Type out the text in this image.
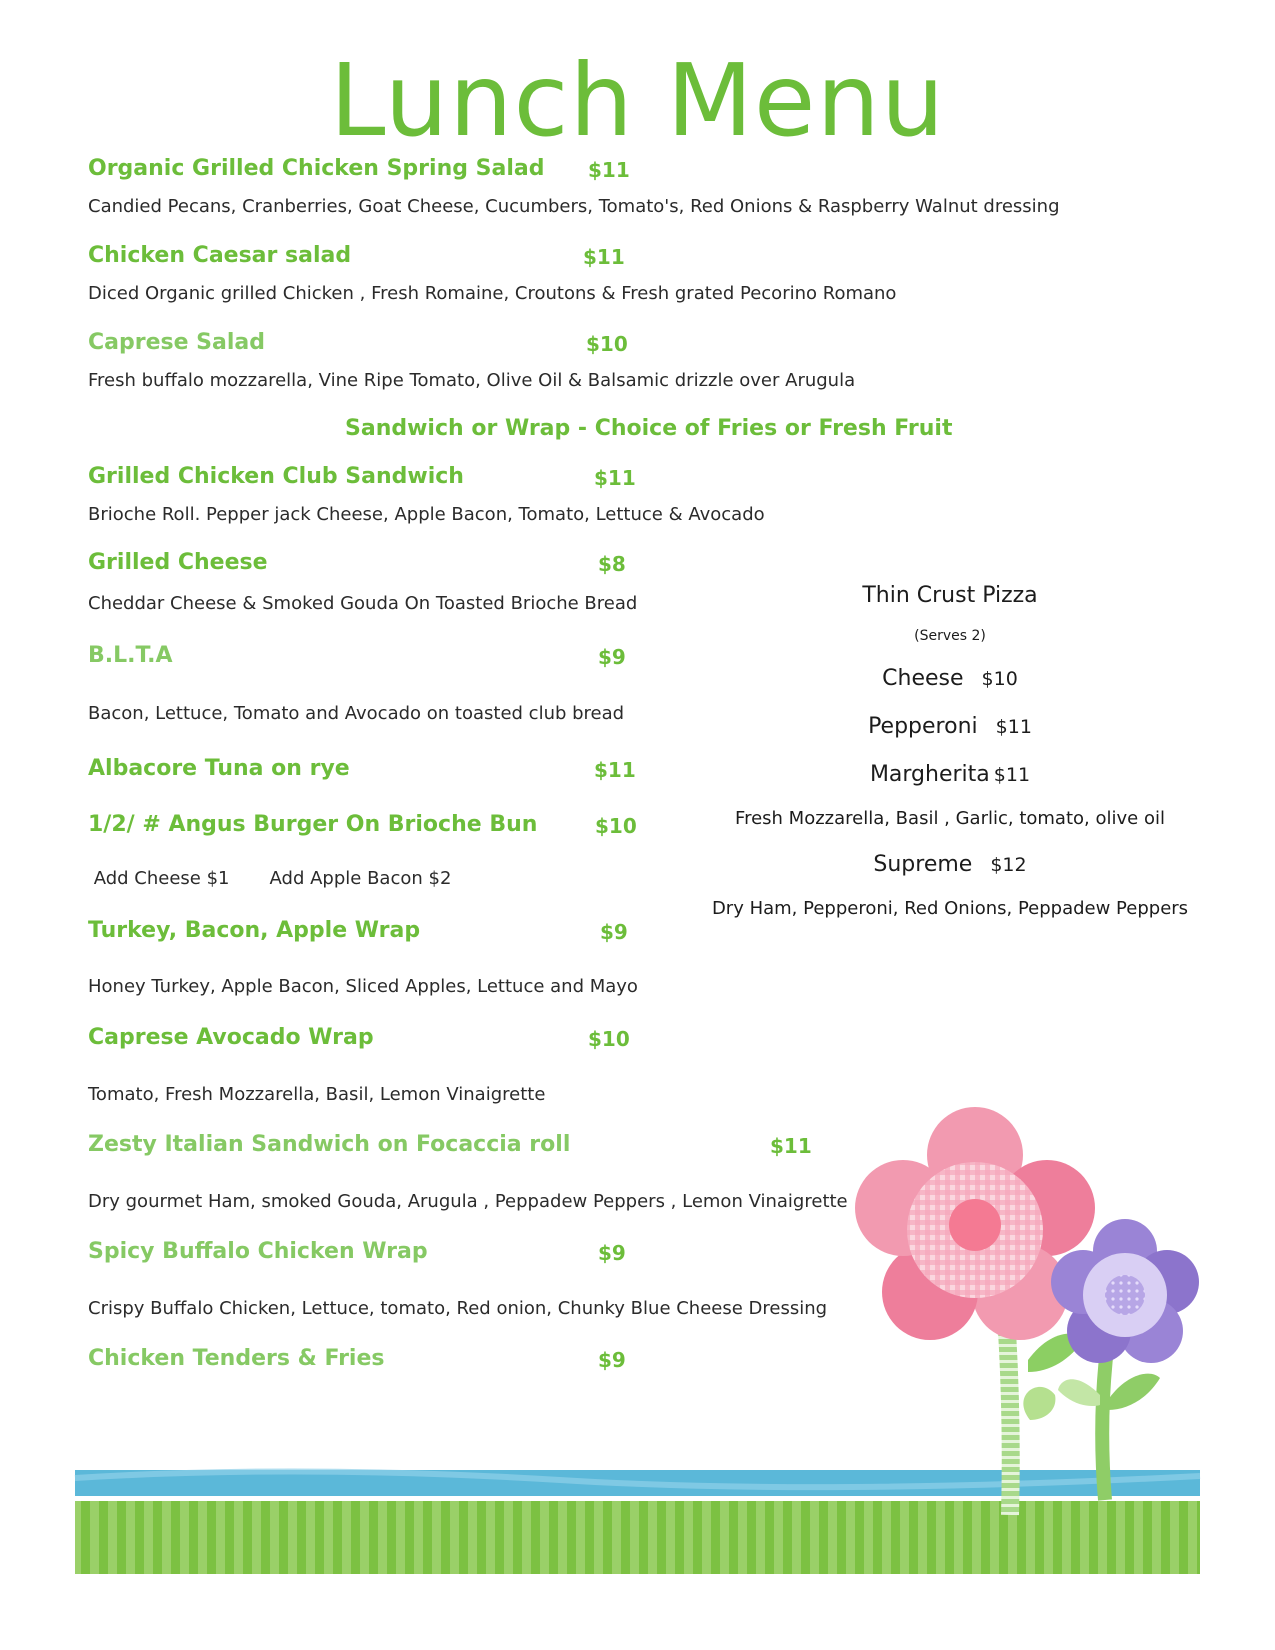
Lunch Menu
Organic Grilled Chicken Spring Salad $11
Candied Pecans, Cranberries, Goat Cheese, Cucumbers, Tomato's, Red Onions & Raspberry Walnut dressing
Chicken Caesar salad	$11
Diced Organic grilled Chicken , Fresh Romaine, Croutons & Fresh grated Pecorino Romano
Caprese Salad	$10
Fresh buffalo mozzarella, Vine Ripe Tomato, Olive Oil & Balsamic drizzle over Arugula
Sandwich or Wrap - Choice of Fries or Fresh Fruit
Grilled Chicken Club Sandwich	$11
Brioche Roll. Pepper jack Cheese, Apple Bacon, Tomato, Lettuce & Avocado
Grilled Cheese	$8
Cheddar Cheese & Smoked Gouda On Toasted Brioche Bread
B.L.T.A	$9
Bacon, Lettuce, Tomato and Avocado on toasted club bread
Albacore Tuna on rye	$11
1/2/ # Angus Burger On Brioche Bun	$10
Add Cheese $1       Add Apple Bacon $2
Turkey, Bacon, Apple Wrap	$9
Honey Turkey, Apple Bacon, Sliced Apples, Lettuce and Mayo
Caprese Avocado Wrap	$10
Tomato, Fresh Mozzarella, Basil, Lemon Vinaigrette
Zesty Italian Sandwich on Focaccia roll	$11
Dry gourmet Ham, smoked Gouda, Arugula , Peppadew Peppers , Lemon Vinaigrette
Spicy Buffalo Chicken Wrap	$9
Crispy Buffalo Chicken, Lettuce, tomato, Red onion, Chunky Blue Cheese Dressing
Chicken Tenders & Fries	$9
Thin Crust Pizza
(Serves 2)
Cheese $10
Pepperoni $11
Margherita $11
Fresh Mozzarella, Basil , Garlic, tomato, olive oil
Supreme $12
Dry Ham, Pepperoni, Red Onions, Peppadew Peppers
